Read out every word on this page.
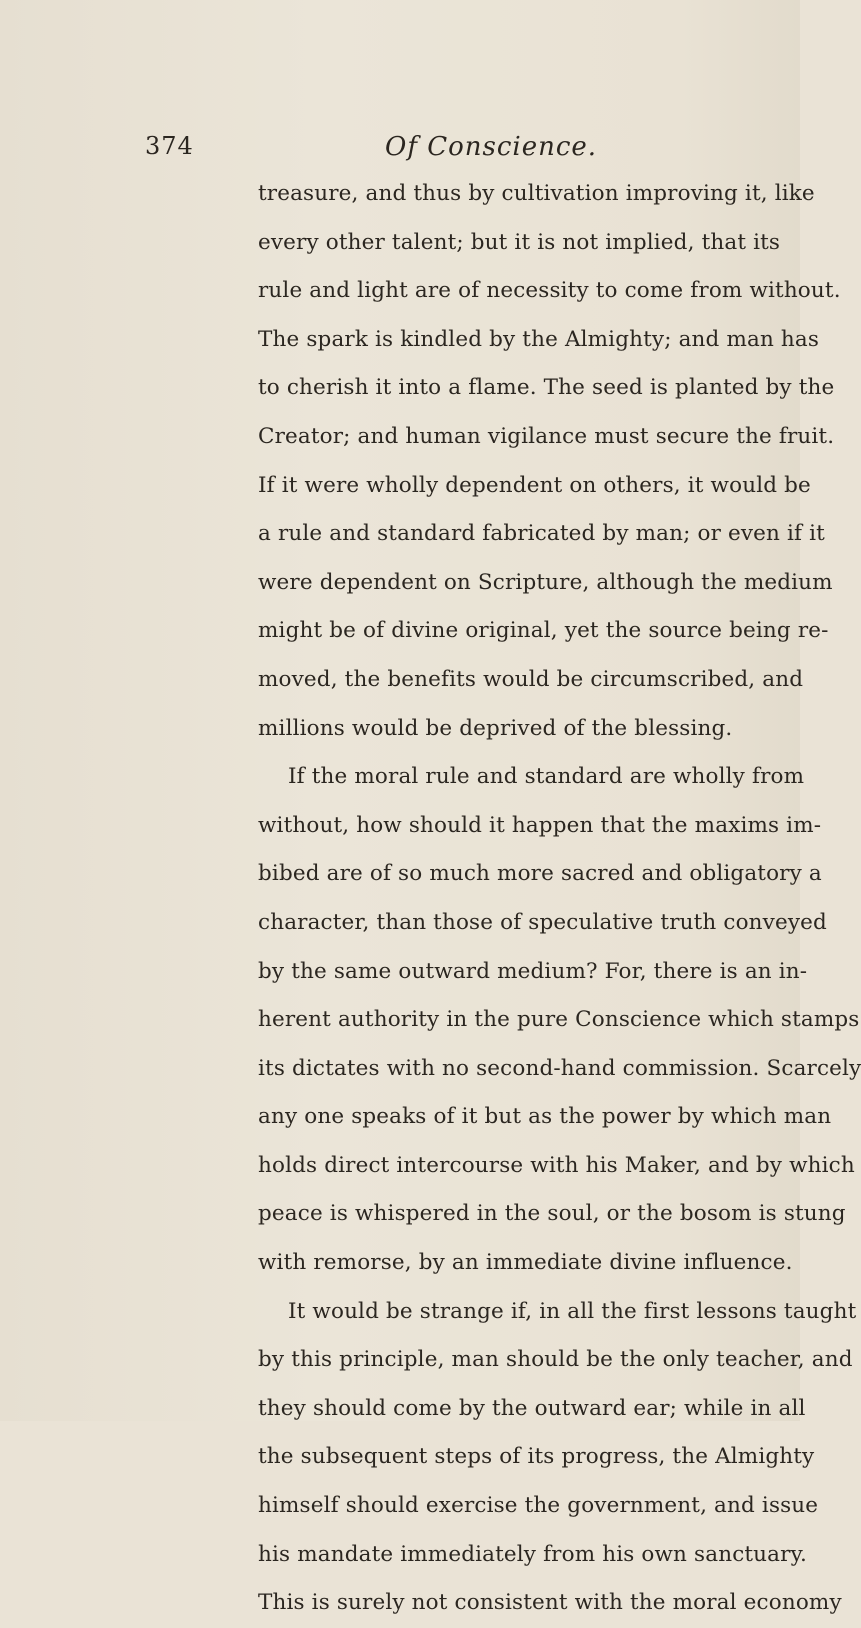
374	Of Conscience.
treasure, and thus by cultivation improving it, like
every other talent; but it is not implied, that its
rule and light are of necessity to come from without.
The spark is kindled by the Almighty; and man has
to cherish it into a flame. The seed is planted by the
Creator; and human vigilance must secure the fruit.
If it were wholly dependent on others, it would be
a rule and standard fabricated by man; or even if it
were dependent on Scripture, although the medium
might be of divine original, yet the source being re-
moved, the benefits would be circumscribed, and
millions would be deprived of the blessing.
If the moral rule and standard are wholly from
without, how should it happen that the maxims im-
bibed are of so much more sacred and obligatory a
character, than those of speculative truth conveyed
by the same outward medium? For, there is an in-
herent authority in the pure Conscience which stamps
its dictates with no second-hand commission. Scarcely
any one speaks of it but as the power by which man
holds direct intercourse with his Maker, and by which
peace is whispered in the soul, or the bosom is stung
with remorse, by an immediate divine influence.
It would be strange if, in all the first lessons taught
by this principle, man should be the only teacher, and
they should come by the outward ear; while in all
the subsequent steps of its progress, the Almighty
himself should exercise the government, and issue
his mandate immediately from his own sanctuary.
This is surely not consistent with the moral economy
